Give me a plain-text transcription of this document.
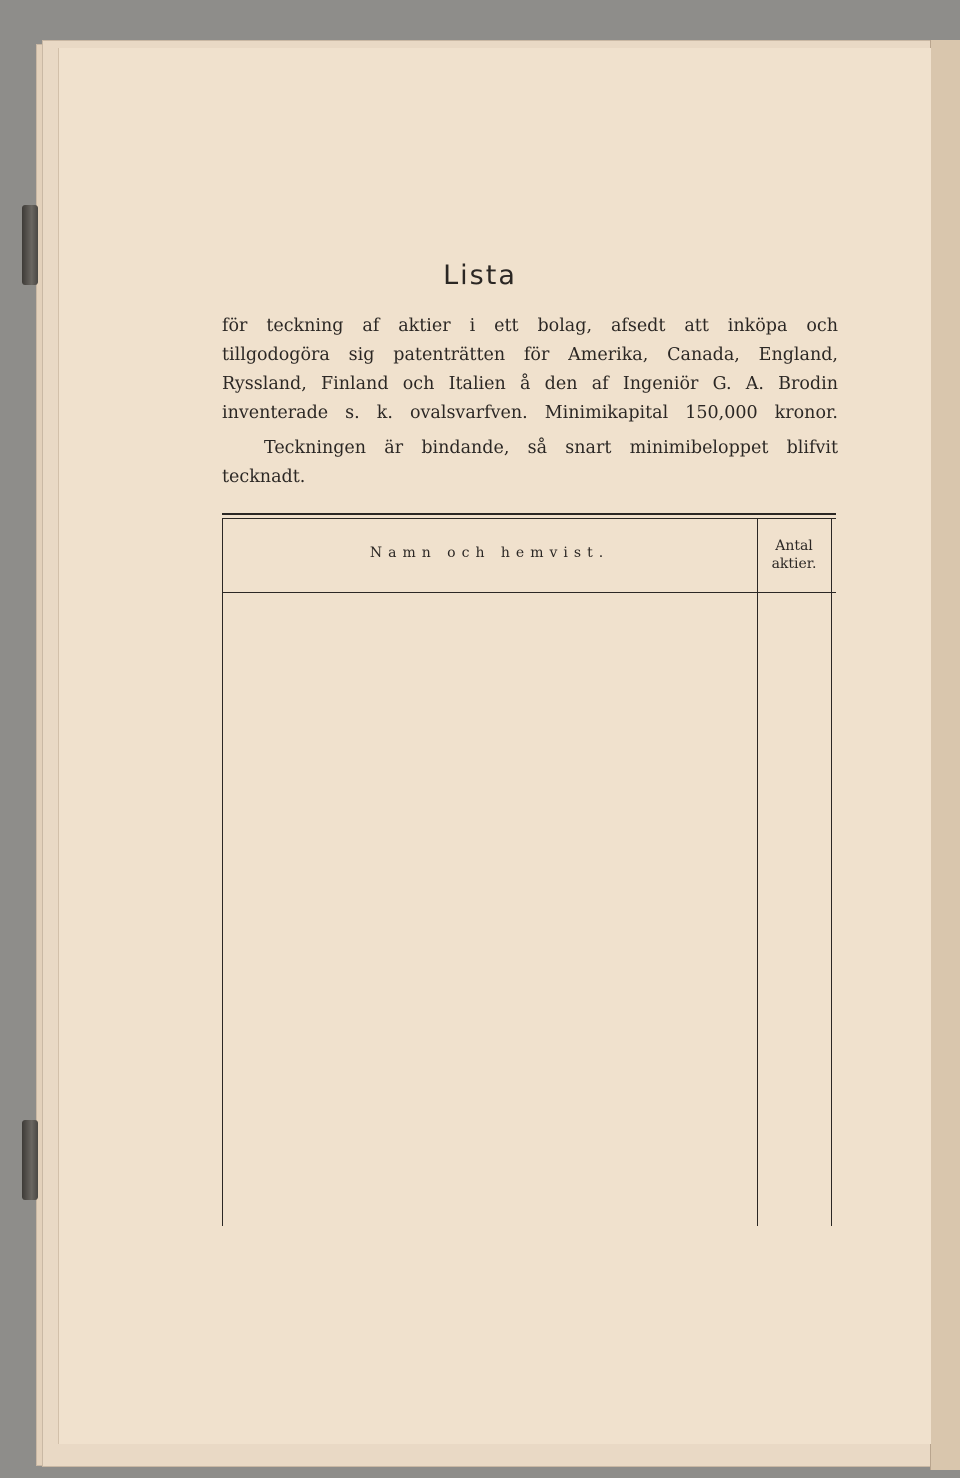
Lista
för teckning af aktier i ett bolag, afsedt att inköpa och
tillgodogöra sig patenträtten för Amerika, Canada, England,
Ryssland, Finland och Italien å den af Ingeniör G. A. Brodin
inventerade s. k. ovalsvarfven. Minimikapital 150,000 kronor.
Teckningen är bindande, så snart minimibeloppet blifvit
tecknadt.
Namn och hemvist.	Antal
aktier.
